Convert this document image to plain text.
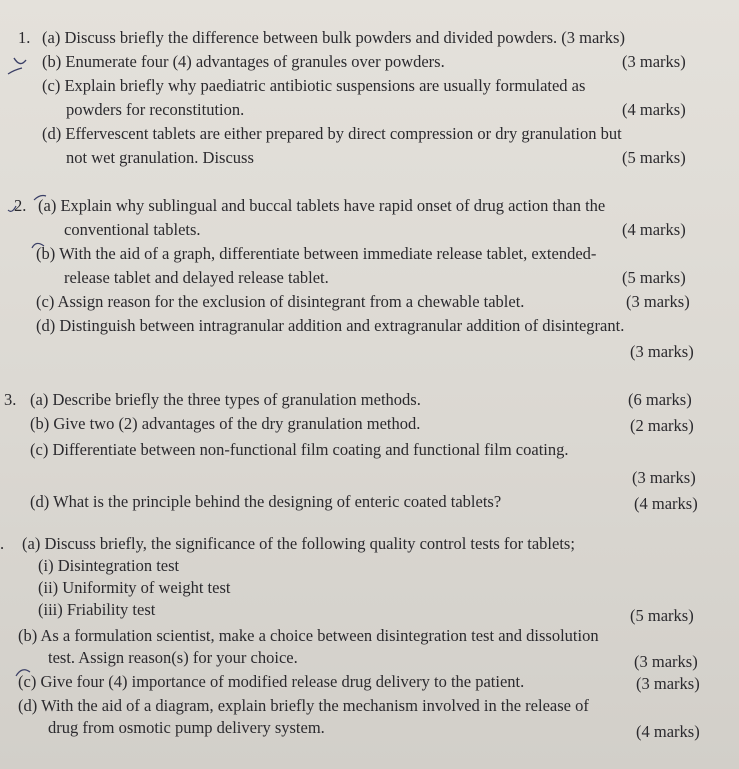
1. (a) Discuss briefly the difference between bulk powders and divided powders. (3 marks)
(b) Enumerate four (4) advantages of granules over powders.	(3 marks)
(c) Explain briefly why paediatric antibiotic suspensions are usually formulated as
powders for reconstitution.	(4 marks)
(d) Effervescent tablets are either prepared by direct compression or dry granulation but
not wet granulation. Discuss	(5 marks)
2. (a) Explain why sublingual and buccal tablets have rapid onset of drug action than the
conventional tablets.	(4 marks)
(b) With the aid of a graph, differentiate between immediate release tablet, extended-
release tablet and delayed release tablet.	(5 marks)
(c) Assign reason for the exclusion of disintegrant from a chewable tablet.	(3 marks)
(d) Distinguish between intragranular addition and extragranular addition of disintegrant.
(3 marks)
3. (a) Describe briefly the three types of granulation methods.	(6 marks)
(b) Give two (2) advantages of the dry granulation method.	(2 marks)
(c) Differentiate between non-functional film coating and functional film coating.
(3 marks)
(d) What is the principle behind the designing of enteric coated tablets?	(4 marks)
. (a) Discuss briefly, the significance of the following quality control tests for tablets;
(i) Disintegration test
(ii) Uniformity of weight test
(iii) Friability test	(5 marks)
(b) As a formulation scientist, make a choice between disintegration test and dissolution
test. Assign reason(s) for your choice.	(3 marks)
(c) Give four (4) importance of modified release drug delivery to the patient.	(3 marks)
(d) With the aid of a diagram, explain briefly the mechanism involved in the release of
drug from osmotic pump delivery system.	(4 marks)
